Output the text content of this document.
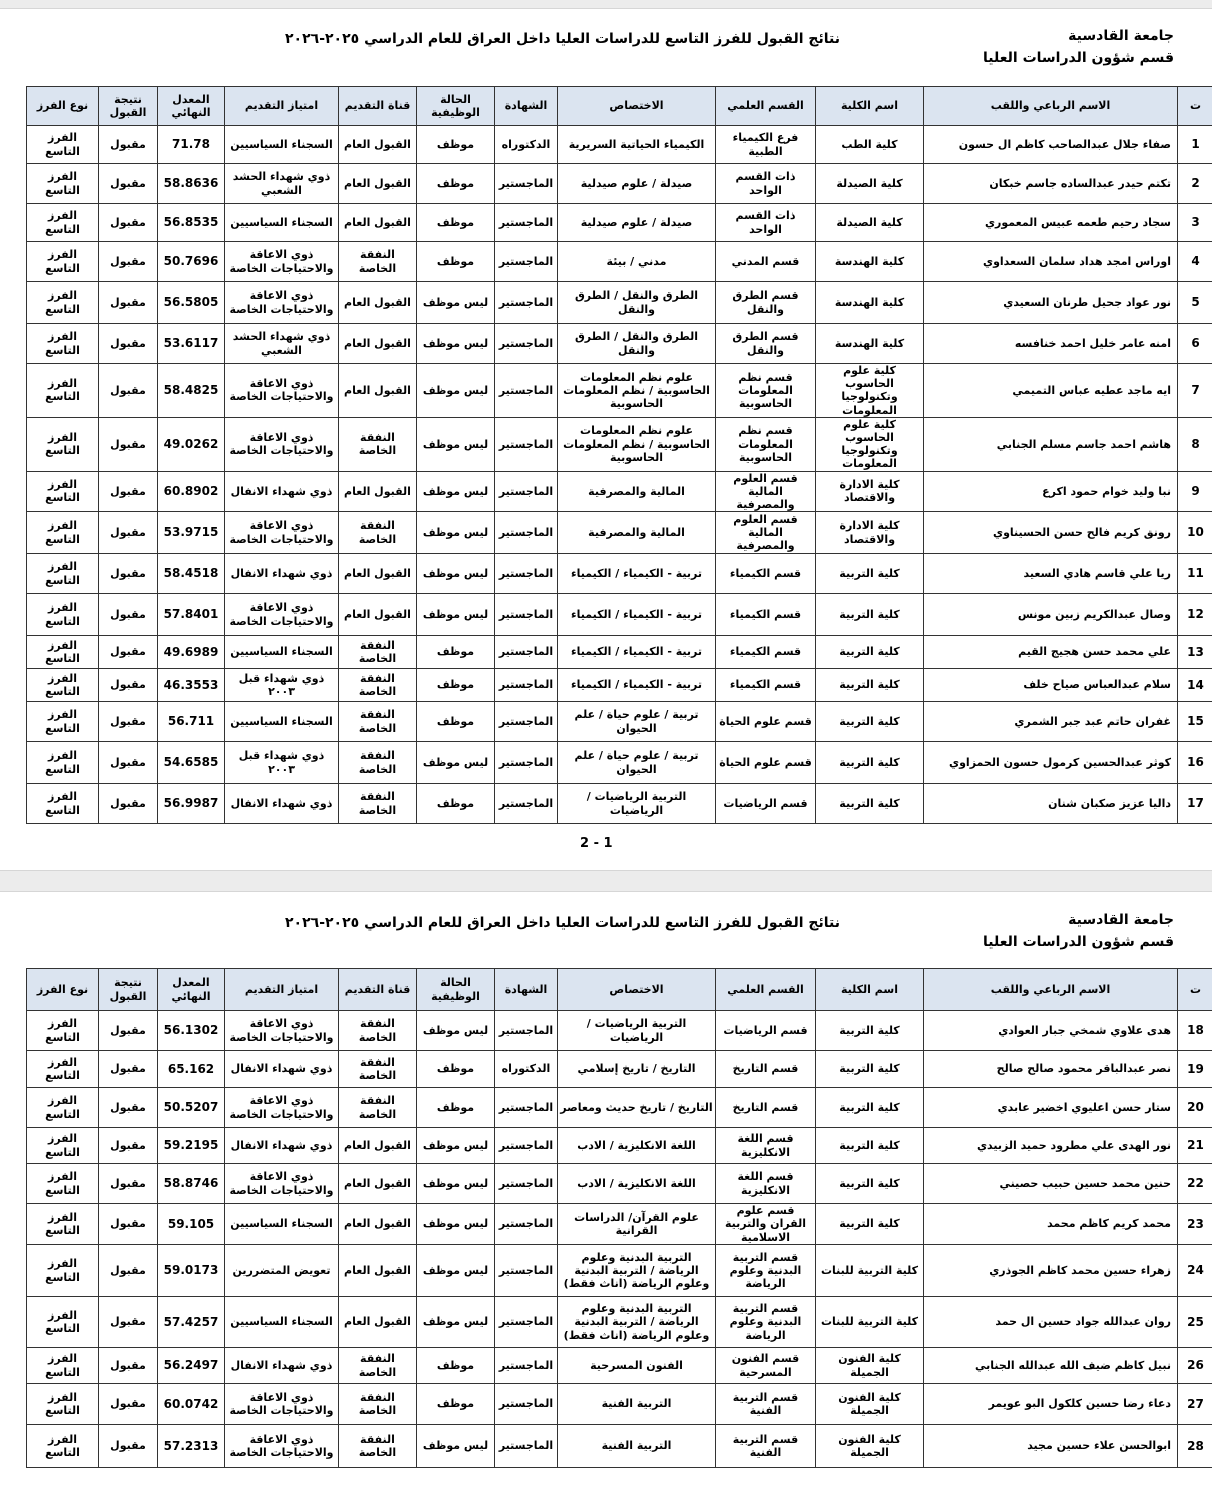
جامعة القادسية
نتائج القبول للفرز التاسع للدراسات العليا داخل العراق للعام الدراسي ٢٠٢٥-٢٠٢٦
قسم شؤون الدراسات العليا
ت	الاسم الرباعي واللقب	اسم الكلية	القسم العلمي	الاختصاص	الشهادة	الحالة الوظيفية	قناة التقديم	امتياز التقديم	المعدل النهائي	نتيجة القبول	نوع الفرز
1	صفاء جلال عبدالصاحب كاظم ال حسون	كلية الطب	فرع الكيمياء الطبية	الكيمياء الحياتية السريرية	الدكتوراه	موظف	القبول العام	السجناء السياسيين	71.78	مقبول	الفرز التاسع
2	تكتم حيدر عبدالساده جاسم خبكان	كلية الصيدلة	ذات القسم الواحد	صيدلة / علوم صيدلية	الماجستير	موظف	القبول العام	ذوي شهداء الحشد الشعبي	58.8636	مقبول	الفرز التاسع
3	سجاد رحيم طعمه عبيس المعموري	كلية الصيدلة	ذات القسم الواحد	صيدلة / علوم صيدلية	الماجستير	موظف	القبول العام	السجناء السياسيين	56.8535	مقبول	الفرز التاسع
4	اوراس امجد هداد سلمان السعداوي	كلية الهندسة	قسم المدني	مدني / بيئة	الماجستير	موظف	النفقة الخاصة	ذوي الاعاقة والاحتياجات الخاصة	50.7696	مقبول	الفرز التاسع
5	نور عواد جحيل طرنان السعيدي	كلية الهندسة	قسم الطرق والنقل	الطرق والنقل / الطرق والنقل	الماجستير	ليس موظف	القبول العام	ذوي الاعاقة والاحتياجات الخاصة	56.5805	مقبول	الفرز التاسع
6	امنه عامر خليل احمد خنافسه	كلية الهندسة	قسم الطرق والنقل	الطرق والنقل / الطرق والنقل	الماجستير	ليس موظف	القبول العام	ذوي شهداء الحشد الشعبي	53.6117	مقبول	الفرز التاسع
7	ايه ماجد عطيه عباس التميمي	كلية علوم الحاسوب وتكنولوجيا المعلومات	قسم نظم المعلومات الحاسوبية	علوم نظم المعلومات الحاسوبية / نظم المعلومات الحاسوبية	الماجستير	ليس موظف	القبول العام	ذوي الاعاقة والاحتياجات الخاصة	58.4825	مقبول	الفرز التاسع
8	هاشم احمد جاسم مسلم الجنابي	كلية علوم الحاسوب وتكنولوجيا المعلومات	قسم نظم المعلومات الحاسوبية	علوم نظم المعلومات الحاسوبية / نظم المعلومات الحاسوبية	الماجستير	ليس موظف	النفقة الخاصة	ذوي الاعاقة والاحتياجات الخاصة	49.0262	مقبول	الفرز التاسع
9	نبا وليد خوام حمود اكرع	كلية الادارة والاقتصاد	قسم العلوم المالية والمصرفية	المالية والمصرفية	الماجستير	ليس موظف	القبول العام	ذوي شهداء الانفال	60.8902	مقبول	الفرز التاسع
10	رونق كريم فالح حسن الحسيناوي	كلية الادارة والاقتصاد	قسم العلوم المالية والمصرفية	المالية والمصرفية	الماجستير	ليس موظف	النفقة الخاصة	ذوي الاعاقة والاحتياجات الخاصة	53.9715	مقبول	الفرز التاسع
11	ريا علي قاسم هادي السعيد	كلية التربية	قسم الكيمياء	تربية - الكيمياء / الكيمياء	الماجستير	ليس موظف	القبول العام	ذوي شهداء الانفال	58.4518	مقبول	الفرز التاسع
12	وصال عبدالكريم زبين مونس	كلية التربية	قسم الكيمياء	تربية - الكيمياء / الكيمياء	الماجستير	ليس موظف	القبول العام	ذوي الاعاقة والاحتياجات الخاصة	57.8401	مقبول	الفرز التاسع
13	علي محمد حسن هجيج القيم	كلية التربية	قسم الكيمياء	تربية - الكيمياء / الكيمياء	الماجستير	موظف	النفقة الخاصة	السجناء السياسيين	49.6989	مقبول	الفرز التاسع
14	سلام عبدالعباس صياح خلف	كلية التربية	قسم الكيمياء	تربية - الكيمياء / الكيمياء	الماجستير	موظف	النفقة الخاصة	ذوي شهداء قبل ٢٠٠٣	46.3553	مقبول	الفرز التاسع
15	غفران حاتم عبد جبر الشمري	كلية التربية	قسم علوم الحياة	تربية / علوم حياة / علم الحيوان	الماجستير	موظف	النفقة الخاصة	السجناء السياسيين	56.711	مقبول	الفرز التاسع
16	كوثر عبدالحسين كرمول حسون الحمزاوي	كلية التربية	قسم علوم الحياة	تربية / علوم حياة / علم الحيوان	الماجستير	ليس موظف	النفقة الخاصة	ذوي شهداء قبل ٢٠٠٣	54.6585	مقبول	الفرز التاسع
17	داليا عزيز صكبان شنان	كلية التربية	قسم الرياضيات	التربية الرياضيات / الرياضيات	الماجستير	موظف	النفقة الخاصة	ذوي شهداء الانفال	56.9987	مقبول	الفرز التاسع
2 - 1
جامعة القادسية
نتائج القبول للفرز التاسع للدراسات العليا داخل العراق للعام الدراسي ٢٠٢٥-٢٠٢٦
قسم شؤون الدراسات العليا
ت	الاسم الرباعي واللقب	اسم الكلية	القسم العلمي	الاختصاص	الشهادة	الحالة الوظيفية	قناة التقديم	امتياز التقديم	المعدل النهائي	نتيجة القبول	نوع الفرز
18	هدى علاوي شمخي جبار العوادي	كلية التربية	قسم الرياضيات	التربية الرياضيات / الرياضيات	الماجستير	ليس موظف	النفقة الخاصة	ذوي الاعاقة والاحتياجات الخاصة	56.1302	مقبول	الفرز التاسع
19	نصر عبدالباقر محمود صالح صالح	كلية التربية	قسم التاريخ	التاريخ / تاريخ إسلامي	الدكتوراه	موظف	النفقة الخاصة	ذوي شهداء الانفال	65.162	مقبول	الفرز التاسع
20	ستار حسن اعليوي اخضير عابدي	كلية التربية	قسم التاريخ	التاريخ / تاريخ حديث ومعاصر	الماجستير	موظف	النفقة الخاصة	ذوي الاعاقة والاحتياجات الخاصة	50.5207	مقبول	الفرز التاسع
21	نور الهدى علي مطرود حميد الزبيدي	كلية التربية	قسم اللغة الانكليزية	اللغة الانكليزية / الادب	الماجستير	ليس موظف	القبول العام	ذوي شهداء الانفال	59.2195	مقبول	الفرز التاسع
22	حنين محمد حسين حبيب حصيني	كلية التربية	قسم اللغة الانكليزية	اللغة الانكليزية / الادب	الماجستير	ليس موظف	القبول العام	ذوي الاعاقة والاحتياجات الخاصة	58.8746	مقبول	الفرز التاسع
23	محمد كريم كاظم محمد	كلية التربية	قسم علوم القران والتربية الاسلامية	علوم القرآن/ الدراسات القرانية	الماجستير	ليس موظف	القبول العام	السجناء السياسيين	59.105	مقبول	الفرز التاسع
24	زهراء حسين محمد كاظم الجوذري	كلية التربية للبنات	قسم التربية البدنية وعلوم الرياضة	التربية البدنية وعلوم الرياضة / التربية البدنية وعلوم الرياضة (اناث فقط)	الماجستير	ليس موظف	القبول العام	تعويض المتضررين	59.0173	مقبول	الفرز التاسع
25	روان عبدالله جواد حسين ال حمد	كلية التربية للبنات	قسم التربية البدنية وعلوم الرياضة	التربية البدنية وعلوم الرياضة / التربية البدنية وعلوم الرياضة (اناث فقط)	الماجستير	ليس موظف	القبول العام	السجناء السياسيين	57.4257	مقبول	الفرز التاسع
26	نبيل كاظم ضيف الله عبدالله الجنابي	كلية الفنون الجميلة	قسم الفنون المسرحية	الفنون المسرحية	الماجستير	موظف	النفقة الخاصة	ذوي شهداء الانفال	56.2497	مقبول	الفرز التاسع
27	دعاء رضا حسين كلكول البو عويمر	كلية الفنون الجميلة	قسم التربية الفنية	التربية الفنية	الماجستير	موظف	النفقة الخاصة	ذوي الاعاقة والاحتياجات الخاصة	60.0742	مقبول	الفرز التاسع
28	ابوالحسن علاء حسين مجيد	كلية الفنون الجميلة	قسم التربية الفنية	التربية الفنية	الماجستير	ليس موظف	النفقة الخاصة	ذوي الاعاقة والاحتياجات الخاصة	57.2313	مقبول	الفرز التاسع
